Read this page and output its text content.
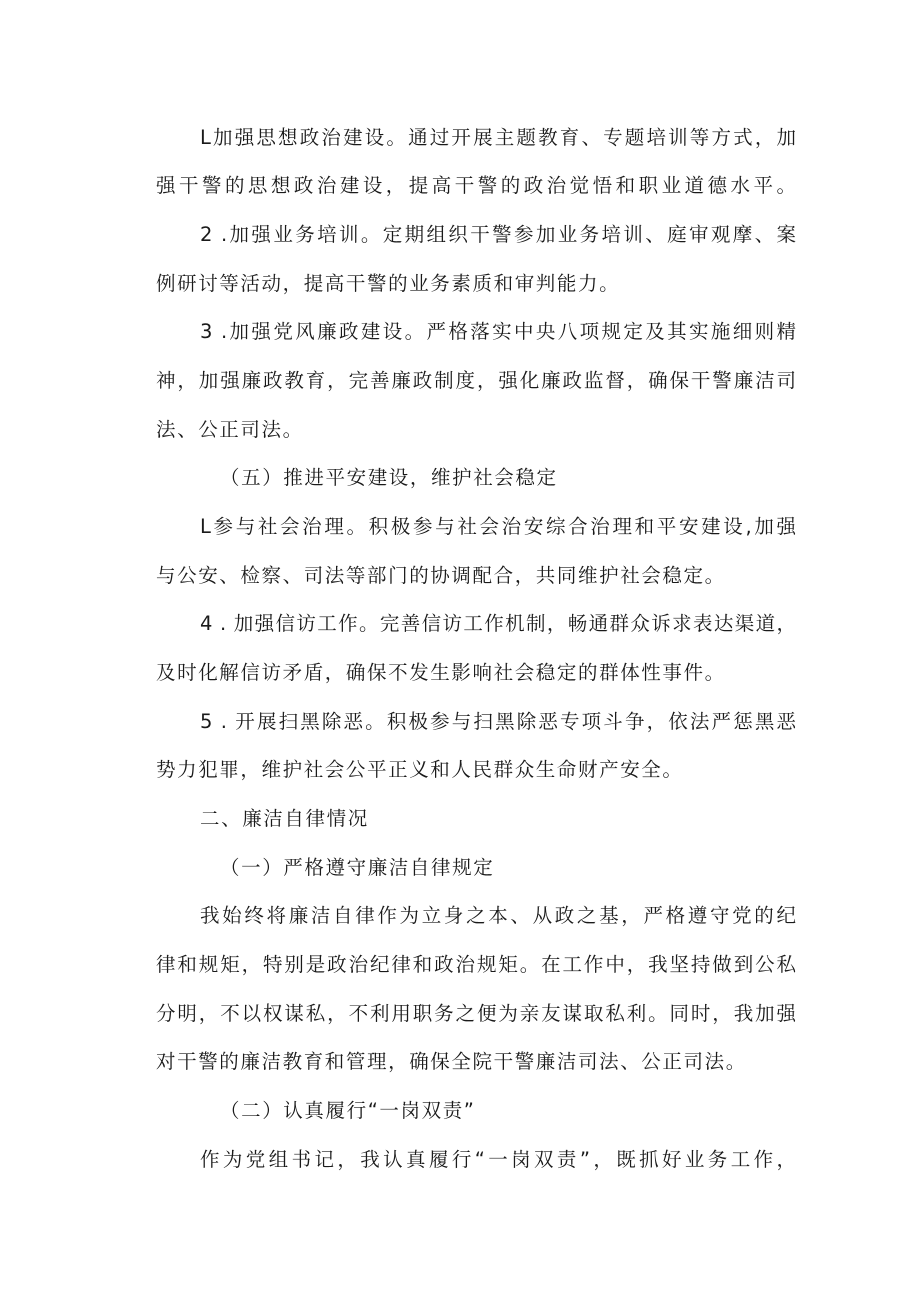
L加强思想政治建设。通过开展主题教育、专题培训等方式，加
强干警的思想政治建设，提高干警的政治觉悟和职业道德水平。
2 .加强业务培训。定期组织干警参加业务培训、庭审观摩、案
例研讨等活动，提高干警的业务素质和审判能力。
3 .加强党风廉政建设。严格落实中央八项规定及其实施细则精
神，加强廉政教育，完善廉政制度，强化廉政监督，确保干警廉洁司
法、公正司法。
（五）推进平安建设，维护社会稳定
L参与社会治理。积极参与社会治安综合治理和平安建设,加强
与公安、检察、司法等部门的协调配合，共同维护社会稳定。
4 . 加强信访工作。完善信访工作机制，畅通群众诉求表达渠道，
及时化解信访矛盾，确保不发生影响社会稳定的群体性事件。
5 . 开展扫黑除恶。积极参与扫黑除恶专项斗争，依法严惩黑恶
势力犯罪，维护社会公平正义和人民群众生命财产安全。
二、廉洁自律情况
（一）严格遵守廉洁自律规定
我始终将廉洁自律作为立身之本、从政之基，严格遵守党的纪
律和规矩，特别是政治纪律和政治规矩。在工作中，我坚持做到公私
分明，不以权谋私，不利用职务之便为亲友谋取私利。同时，我加强
对干警的廉洁教育和管理，确保全院干警廉洁司法、公正司法。
（二）认真履行“一岗双责”
作为党组书记，我认真履行“一岗双责”，既抓好业务工作，
